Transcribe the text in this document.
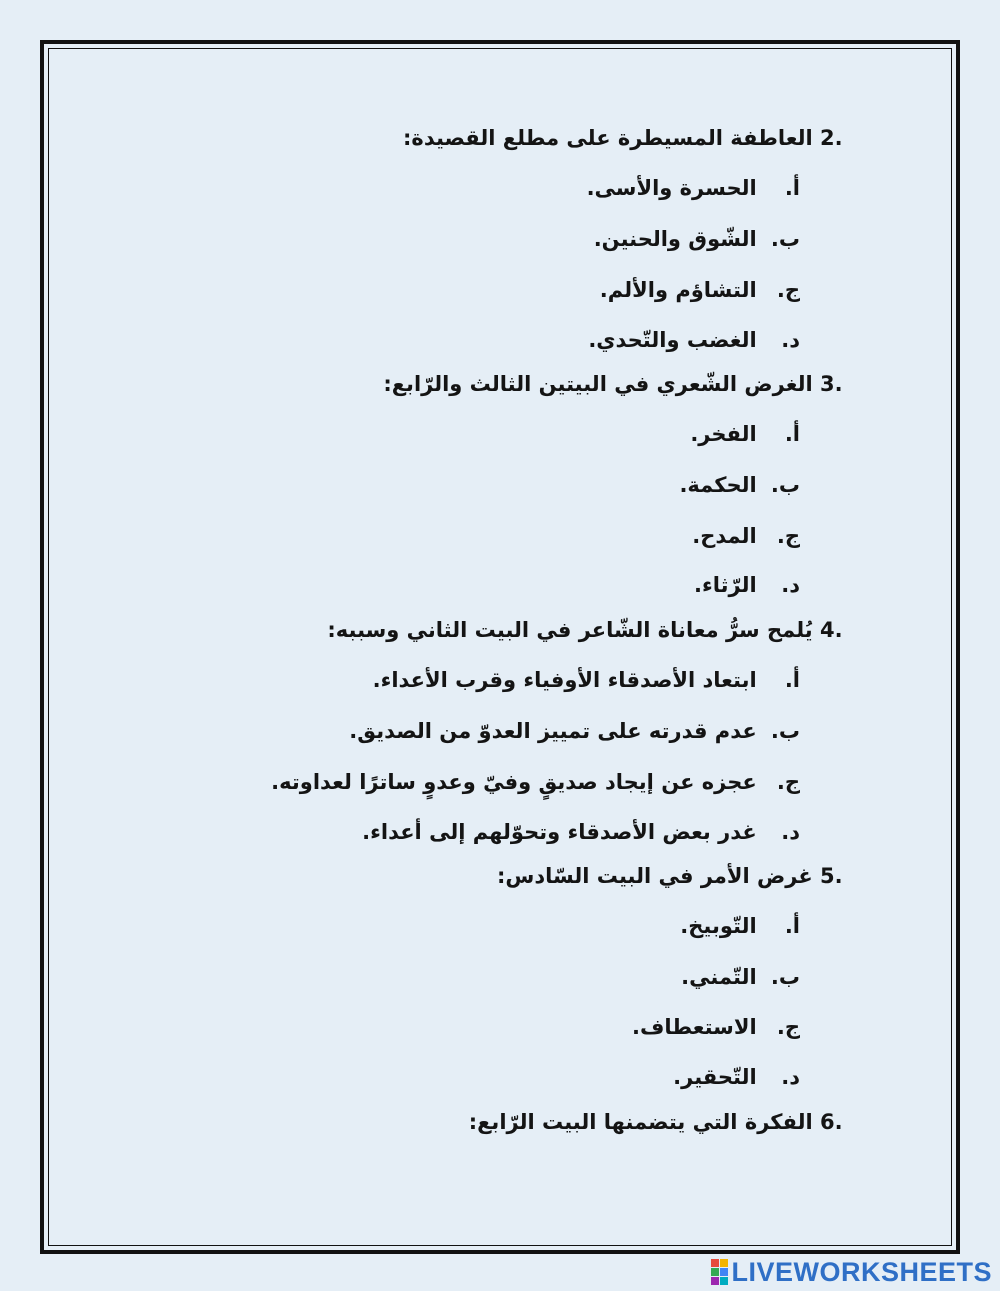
2. العاطفة المسيطرة على مطلع القصيدة:
أ. الحسرة والأسى.
ب. الشّوق والحنين.
ج. التشاؤم والألم.
د. الغضب والتّحدي.
3. الغرض الشّعري في البيتين الثالث والرّابع:
أ. الفخر.
ب. الحكمة.
ج. المدح.
د. الرّثاء.
4. يُلمح سرُّ معاناة الشّاعر في البيت الثاني وسببه:
أ. ابتعاد الأصدقاء الأوفياء وقرب الأعداء.
ب. عدم قدرته على تمييز العدوّ من الصديق.
ج. عجزه عن إيجاد صديقٍ وفيّ وعدوٍ ساترًا لعداوته.
د. غدر بعض الأصدقاء وتحوّلهم إلى أعداء.
5. غرض الأمر في البيت السّادس:
أ. التّوبيخ.
ب. التّمني.
ج. الاستعطاف.
د. التّحقير.
6. الفكرة التي يتضمنها البيت الرّابع:
LIVEWORKSHEETS
